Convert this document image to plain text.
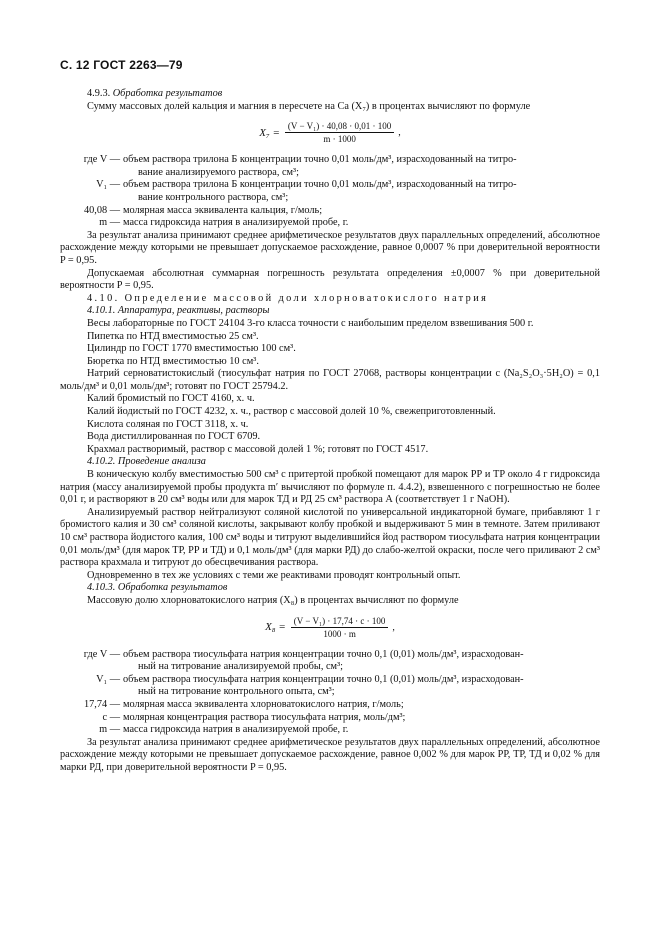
С. 12 ГОСТ 2263—79

4.9.3. Обработка результатов

Сумму массовых долей кальция и магния в пересчете на Ca (X₇) в процентах вычисляют по формуле

$X_7 = \frac{\text{(V − V₁) · 40,08 · 0,01 · 100}}{m \cdot 1000}$ ,
где V — объем раствора трилона Б концентрации точно 0,01 моль/дм³, израсходованный на титро-
вание анализируемого раствора, см³;
V₁ — объем раствора трилона Б концентрации точно 0,01 моль/дм³, израсходованный на титро-
вание контрольного раствора, см³;
40,08 — молярная масса эквивалента кальция, г/моль;
m — масса гидроксида натрия в анализируемой пробе, г.

За результат анализа принимают среднее арифметическое результатов двух параллельных определений, абсолютное расхождение между которыми не превышает допускаемое расхождение, равное 0,0007 % при доверительной вероятности P = 0,95.

Допускаемая абсолютная суммарная погрешность результата определения ±0,0007 % при доверительной вероятности P = 0,95.

4.10. Определение массовой доли хлорноватокислого натрия

4.10.1. Аппаратура, реактивы, растворы

Весы лабораторные по ГОСТ 24104 3-го класса точности с наибольшим пределом взвешивания 500 г.

Пипетка по НТД вместимостью 25 см³.

Цилиндр по ГОСТ 1770 вместимостью 100 см³.

Бюретка по НТД вместимостью 10 см³.

Натрий серноватистокислый (тиосульфат натрия по ГОСТ 27068, растворы концентрации c (Na₂S₂O₃·5H₂O) = 0,1 моль/дм³ и 0,01 моль/дм³; готовят по ГОСТ 25794.2.

Калий бромистый по ГОСТ 4160, х. ч.

Калий йодистый по ГОСТ 4232, х. ч., раствор с массовой долей 10 %, свежеприготовленный.

Кислота соляная по ГОСТ 3118, х. ч.

Вода дистиллированная по ГОСТ 6709.

Крахмал растворимый, раствор с массовой долей 1 %; готовят по ГОСТ 4517.

4.10.2. Проведение анализа

В коническую колбу вместимостью 500 см³ с притертой пробкой помещают для марок РР и ТР около 4 г гидроксида натрия (массу анализируемой пробы продукта m′ вычисляют по формуле п. 4.4.2), взвешенного с погрешностью не более 0,01 г, и растворяют в 20 см³ воды или для марок ТД и РД 25 см³ раствора А (соответствует 1 г NaOH).

Анализируемый раствор нейтрализуют соляной кислотой по универсальной индикаторной бумаге, прибавляют 1 г бромистого калия и 30 см³ соляной кислоты, закрывают колбу пробкой и выдерживают 5 мин в темноте. Затем приливают 10 см³ раствора йодистого калия, 100 см³ воды и титруют выделившийся йод раствором тиосульфата натрия концентрации 0,01 моль/дм³ (для марок ТР, РР и ТД) и 0,1 моль/дм³ (для марки РД) до слабо-желтой окраски, после чего приливают 2 см³ раствора крахмала и титруют до обесцвечивания раствора.

Одновременно в тех же условиях с теми же реактивами проводят контрольный опыт.

4.10.3. Обработка результатов

Массовую долю хлорноватокислого натрия (X₈) в процентах вычисляют по формуле

$X_8 = \frac{\text{(V − V₁) · 17,74 · c · 100}}{1000 \cdot m}$ ,
где V — объем раствора тиосульфата натрия концентрации точно 0,1 (0,01) моль/дм³, израсходован-
ный на титрование анализируемой пробы, см³;
V₁ — объем раствора тиосульфата натрия концентрации точно 0,1 (0,01) моль/дм³, израсходован-
ный на титрование контрольного опыта, см³;
17,74 — молярная масса эквивалента хлорноватокислого натрия, г/моль;
c — молярная концентрация раствора тиосульфата натрия, моль/дм³;
m — масса гидроксида натрия в анализируемой пробе, г.

За результат анализа принимают среднее арифметическое результатов двух параллельных определений, абсолютное расхождение между которыми не превышает допускаемое расхождение, равное 0,002 % для марок РР, ТР, ТД и 0,02 % для марки РД, при доверительной вероятности P = 0,95.
